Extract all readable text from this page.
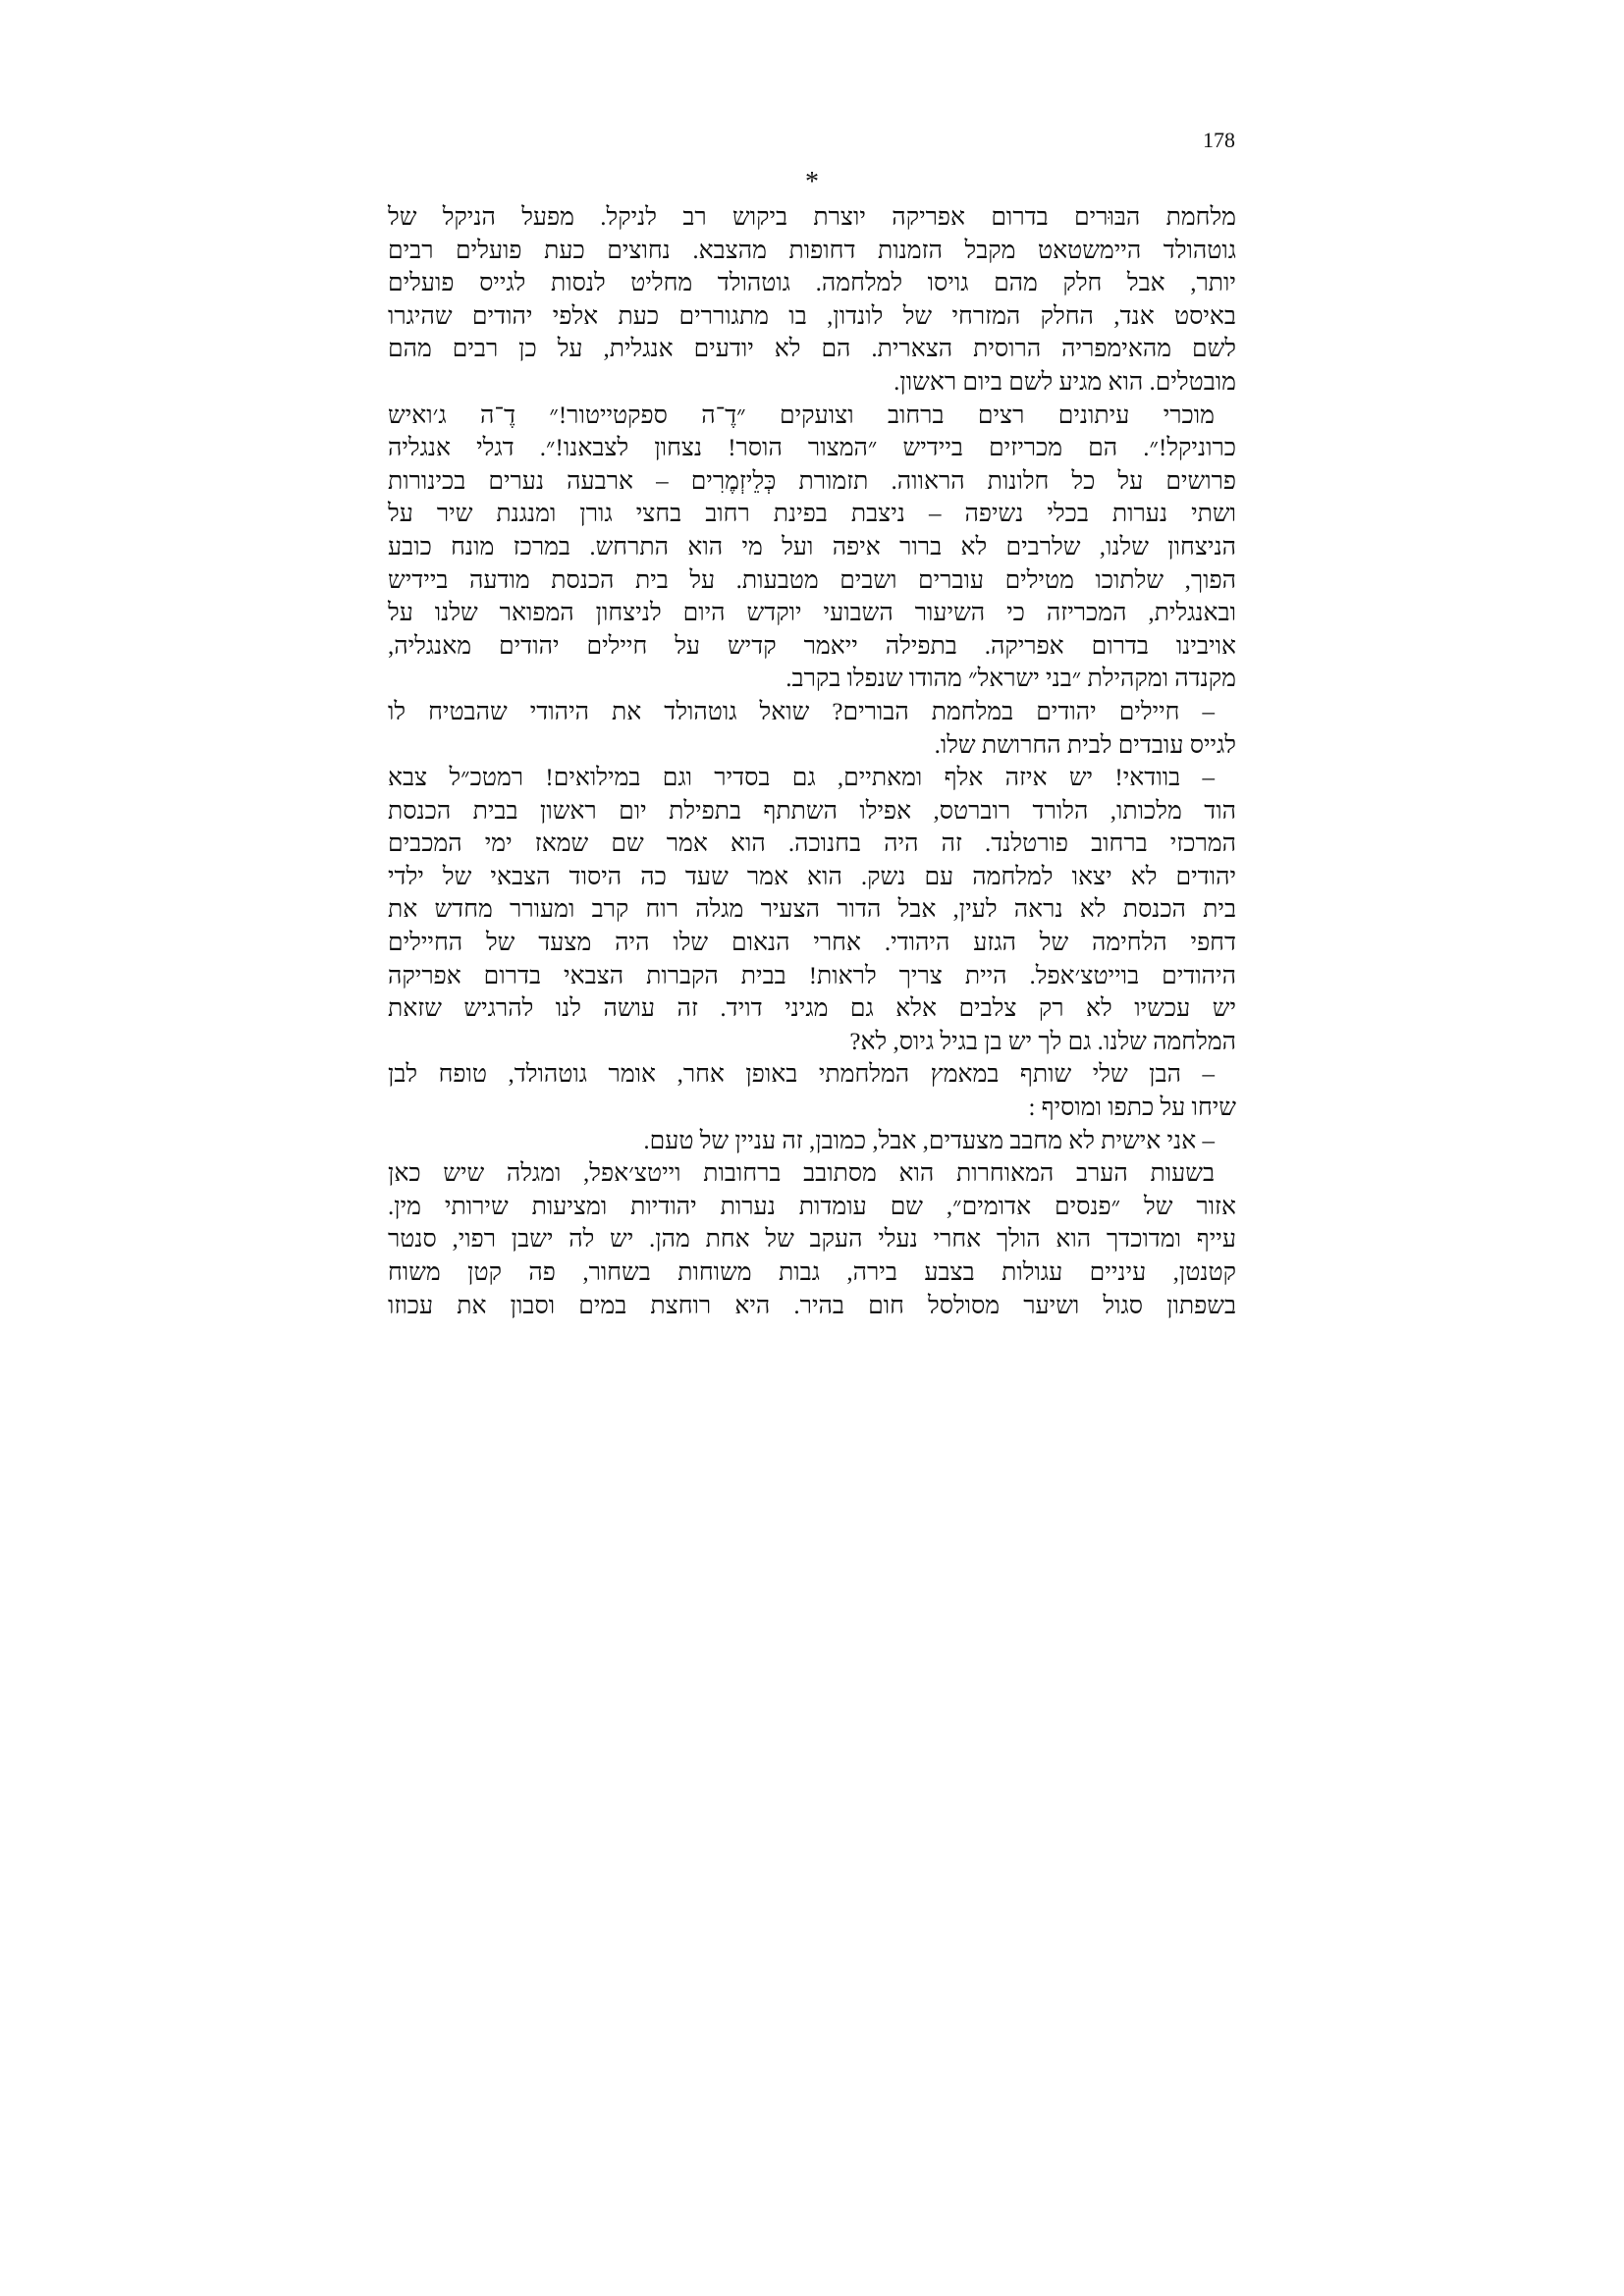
178
*
מלחמת הבּוּרים בדרום אפריקה יוצרת ביקוש רב לניקל. מפעל הניקל של
גוטהולד היימשטאט מקבל הזמנות דחופות מהצבא. נחוצים כעת פועלים רבים
יותר, אבל חלק מהם גויסו למלחמה. גוטהולד מחליט לנסות לגייס פועלים
באיסט אנד, החלק המזרחי של לונדון, בו מתגוררים כעת אלפי יהודים שהיגרו
לשם מהאימפריה הרוסית הצארית. הם לא יודעים אנגלית, על כן רבים מהם
מובטלים. הוא מגיע לשם ביום ראשון.
מוכרי עיתונים רצים ברחוב וצועקים ״דֶ־ה ספקטייטור!״ דֶ־ה ג׳ואיש
כרוניקל!״. הם מכריזים ביידיש ״המצור הוסר! נצחון לצבאנו!״. דגלי אנגליה
פרושים על כל חלונות הראווה. תזמורת כְּלֵיזְמֶרִים – ארבעה נערים בכינורות
ושתי נערות בכלי נשיפה – ניצבת בפינת רחוב בחצי גורן ומנגנת שיר על
הניצחון שלנו, שלרבים לא ברור איפה ועל מי הוא התרחש. במרכז מונח כובע
הפוך, שלתוכו מטילים עוברים ושבים מטבעות. על בית הכנסת מודעה ביידיש
ובאנגלית, המכריזה כי השיעור השבועי יוקדש היום לניצחון המפואר שלנו על
אויבינו בדרום אפריקה. בתפילה ייאמר קדיש על חיילים יהודים מאנגליה,
מקנדה ומקהילת ״בני ישראל״ מהודו שנפלו בקרב.
– חיילים יהודים במלחמת הבורים? שואל גוטהולד את היהודי שהבטיח לו
לגייס עובדים לבית החרושת שלו.
– בוודאי! יש איזה אלף ומאתיים, גם בסדיר וגם במילואים! רמטכ״ל צבא
הוד מלכותו, הלורד רוברטס, אפילו השתתף בתפילת יום ראשון בבית הכנסת
המרכזי ברחוב פורטלנד. זה היה בחנוכה. הוא אמר שם שמאז ימי המכבים
יהודים לא יצאו למלחמה עם נשק. הוא אמר שעד כה היסוד הצבאי של ילדי
בית הכנסת לא נראה לעין, אבל הדור הצעיר מגלה רוח קרב ומעורר מחדש את
דחפי הלחימה של הגזע היהודי. אחרי הנאום שלו היה מצעד של החיילים
היהודים בוייטצ׳אפל. היית צריך לראות! בבית הקברות הצבאי בדרום אפריקה
יש עכשיו לא רק צלבים אלא גם מגיני דויד. זה עושה לנו להרגיש שזאת
המלחמה שלנו. גם לך יש בן בגיל גיוס, לא?
– הבן שלי שותף במאמץ המלחמתי באופן אחר, אומר גוטהולד, טופח לבן
שיחו על כתפו ומוסיף :
– אני אישית לא מחבב מצעדים, אבל, כמובן, זה עניין של טעם.
בשעות הערב המאוחרות הוא מסתובב ברחובות וייטצ׳אפל, ומגלה שיש כאן
אזור של ״פנסים אדומים״, שם עומדות נערות יהודיות ומציעות שירותי מין.
עייף ומדוכדך הוא הולך אחרי נעלי העקב של אחת מהן. יש לה ישבן רפוי, סנטר
קטנטן, עיניים עגולות בצבע בירה, גבות משוחות בשחור, פה קטן משוח
בשפתון סגול ושיער מסולסל חום בהיר. היא רוחצת במים וסבון את עכוזו
